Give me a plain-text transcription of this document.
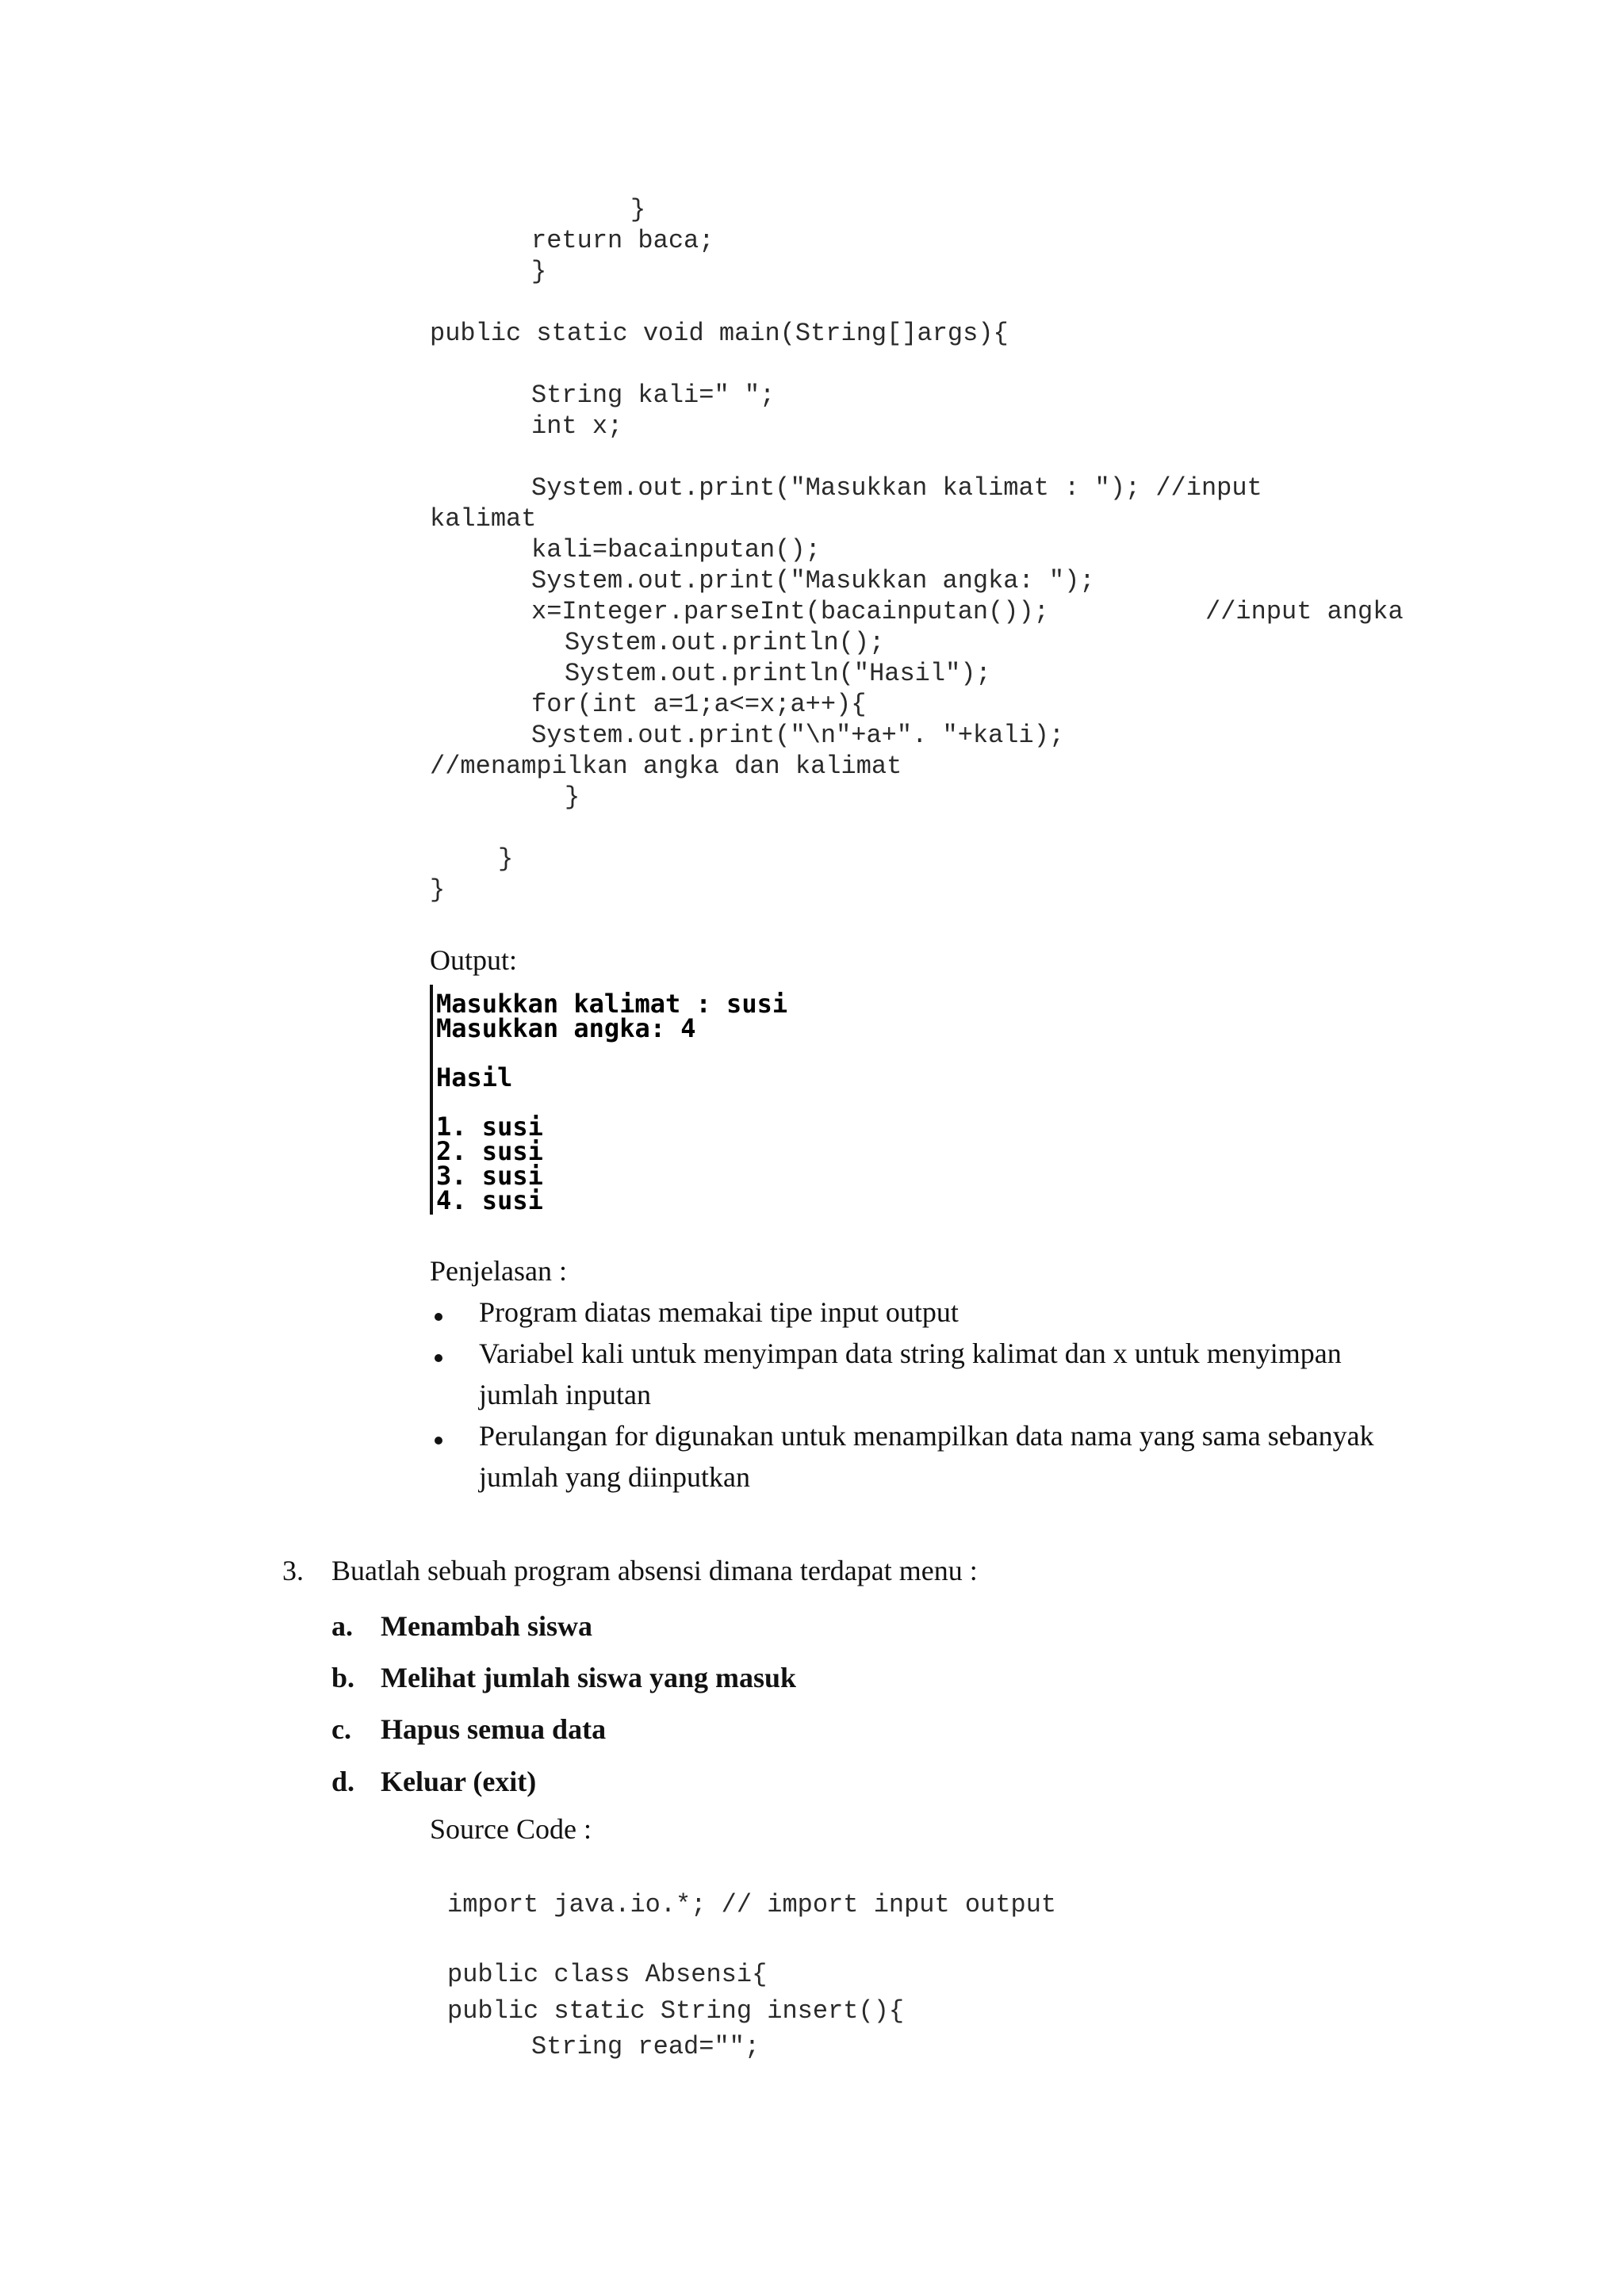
}
return baca;
}
public static void main(String[]args){
String kali=" ";
int x;
System.out.print("Masukkan kalimat : "); //input
kalimat
kali=bacainputan();
System.out.print("Masukkan angka: ");
x=Integer.parseInt(bacainputan());	//input angka
System.out.println();
System.out.println("Hasil");
for(int a=1;a<=x;a++){
System.out.print("\n"+a+". "+kali);
//menampilkan angka dan kalimat
}
}
}
Output:
Masukkan kalimat : susi
Masukkan angka: 4
Hasil
1. susi
2. susi
3. susi
4. susi
Penjelasan :
Program diatas memakai tipe input output
Variabel kali untuk menyimpan data string kalimat dan x untuk menyimpan
jumlah inputan
Perulangan for digunakan untuk menampilkan data nama yang sama sebanyak
jumlah yang diinputkan
3. Buatlah sebuah program absensi dimana terdapat menu :
a. Menambah siswa
b. Melihat jumlah siswa yang masuk
c. Hapus semua data
d. Keluar (exit)
Source Code :
import java.io.*; // import input output
public class Absensi{
public static String insert(){
String read="";
